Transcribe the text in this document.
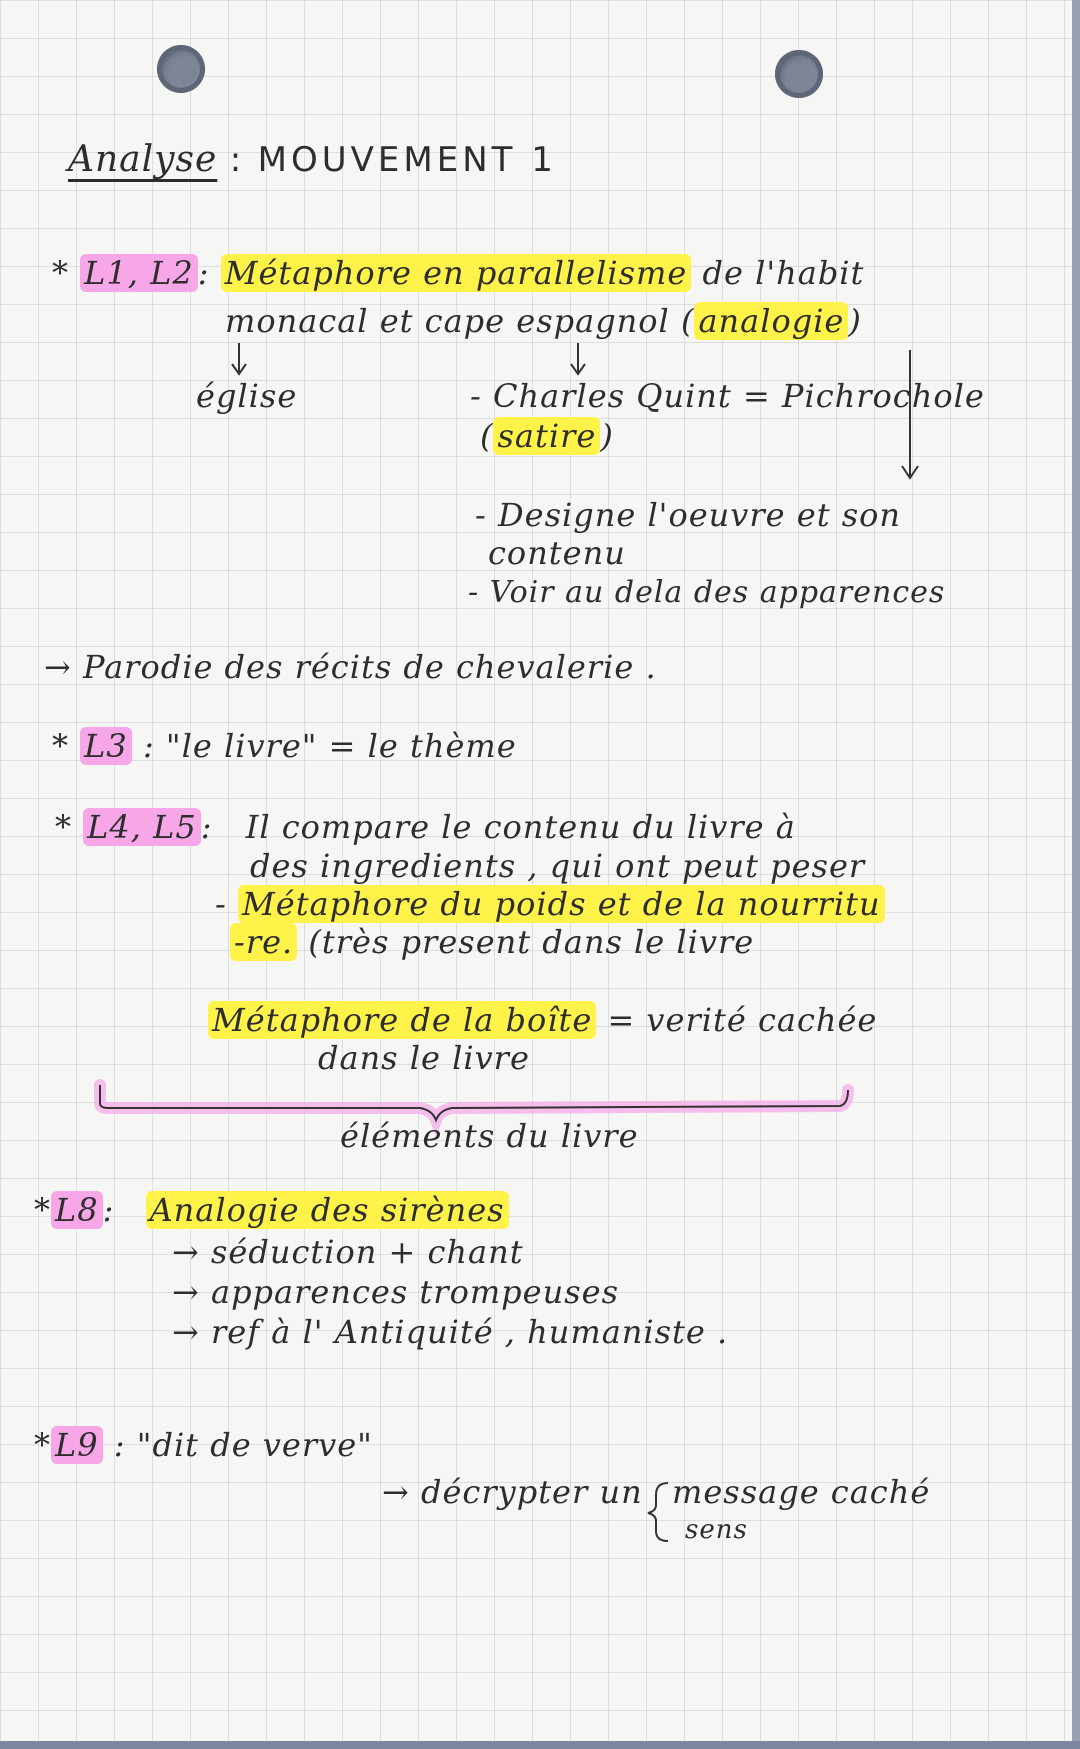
Analyse : MOUVEMENT 1
* L1, L2 : Métaphore en parallelisme de l'habit
monacal et cape espagnol ( analogie )
église	- Charles Quint = Pichrochole
( satire )
- Designe l'oeuvre et son
contenu
- Voir au dela des apparences
→ Parodie des récits de chevalerie .
* L3 : "le livre" = le thème
* L4, L5 : Il compare le contenu du livre à
des ingredients , qui ont peut peser
- Métaphore du poids et de la nourritu
-re. (très present dans le livre
Métaphore de la boîte = verité cachée
dans le livre
éléments du livre
* L8 : Analogie des sirènes
→ séduction + chant
→ apparences trompeuses
→ ref à l' Antiquité , humaniste .
* L9 : "dit de verve"
→ décrypter un message caché
sens
